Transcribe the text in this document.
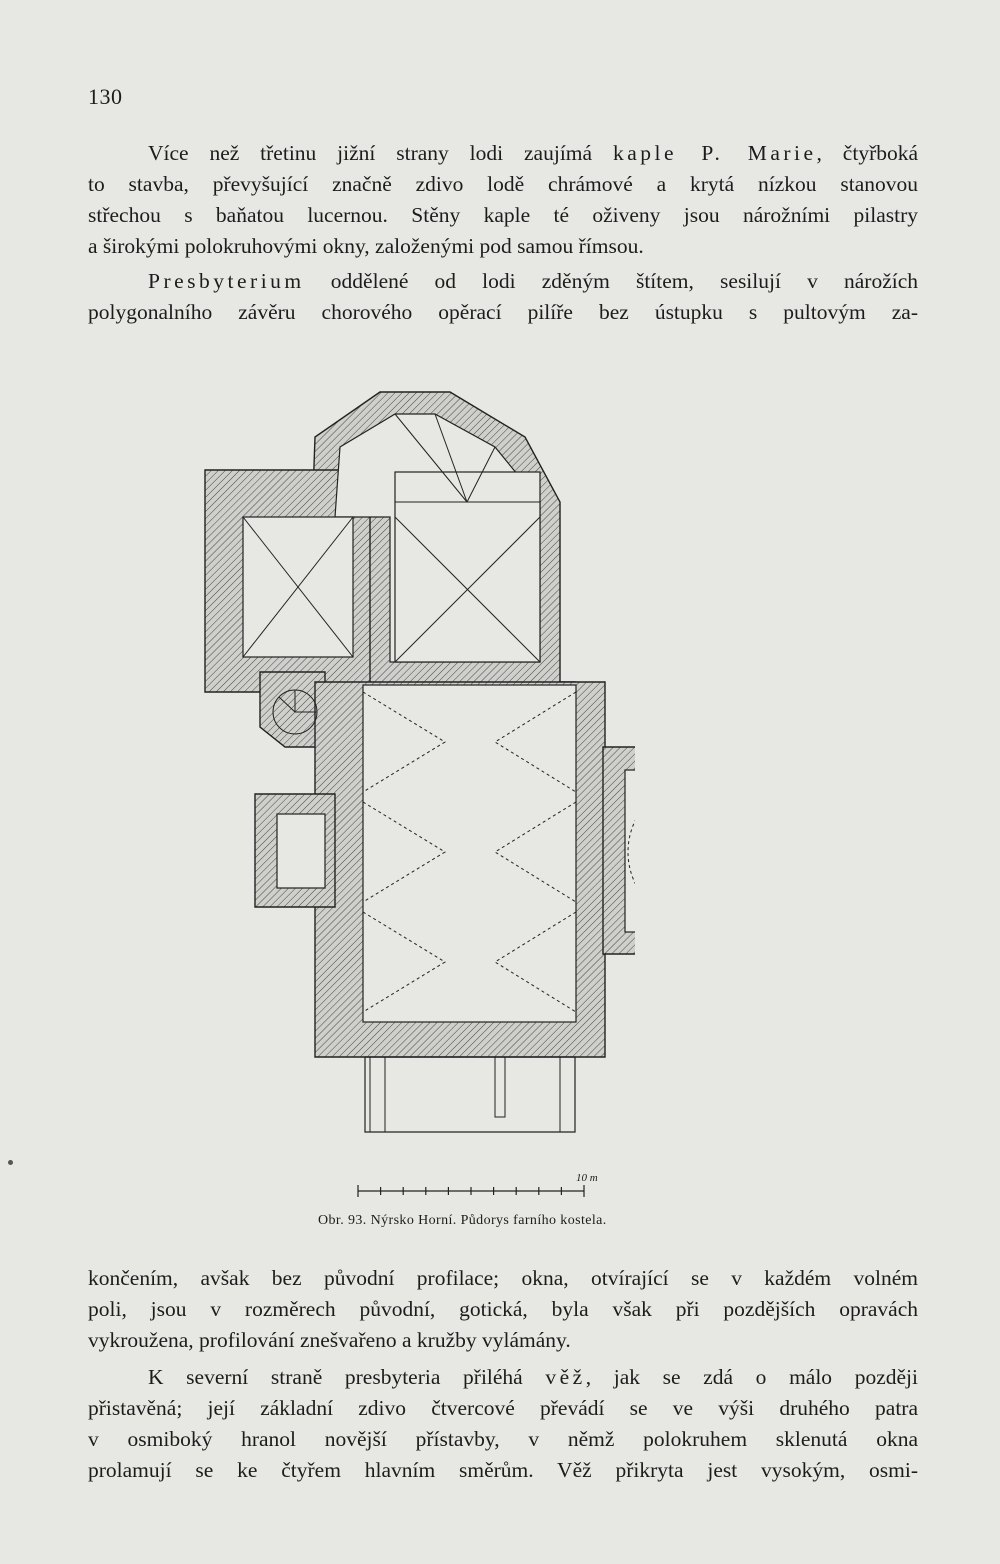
130

Více než třetinu jižní strany lodi zaujímá kaple P. Marie, čtyřboká
to stavba, převyšující značně zdivo lodě chrámové a krytá nízkou stanovou
střechou s baňatou lucernou. Stěny kaple té oživeny jsou nárožními pilastry
a širokými polokruhovými okny, založenými pod samou římsou.

Presbyterium oddělené od lodi zděným štítem, sesilují v nárožích
polygonalního závěru chorového opěrací pilíře bez ústupku s pultovým za-

10 m
Obr. 93. Nýrsko Horní. Půdorys farního kostela.

končením, avšak bez původní profilace; okna, otvírající se v každém volném
poli, jsou v rozměrech původní, gotická, byla však při pozdějších opravách
vykroužena, profilování znešvařeno a kružby vylámány.

K severní straně presbyteria přiléhá věž, jak se zdá o málo později
přistavěná; její základní zdivo čtvercové převádí se ve výši druhého patra
v osmiboký hranol novější přístavby, v němž polokruhem sklenutá okna
prolamují se ke čtyřem hlavním směrům. Věž přikryta jest vysokým, osmi-
